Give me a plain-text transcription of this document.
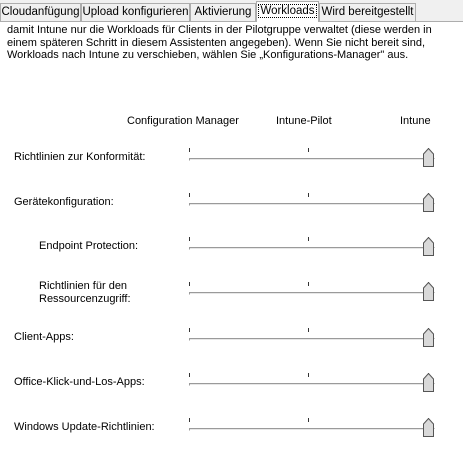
Cloudanfügung Upload konfigurieren Aktivierung Workloads Wird bereitgestellt

damit Intune nur die Workloads für Clients in der Pilotgruppe verwaltet (diese werden in einem späteren Schritt in diesem Assistenten angegeben). Wenn Sie nicht bereit sind, Workloads nach Intune zu verschieben, wählen Sie „Konfigurations-Manager" aus.

Configuration Manager	Intune-Pilot	Intune
Richtlinien zur Konformität:
Gerätekonfiguration:
Endpoint Protection:
Richtlinien für den
Ressourcenzugriff:
Client-Apps:
Office-Klick-und-Los-Apps:
Windows Update-Richtlinien:
